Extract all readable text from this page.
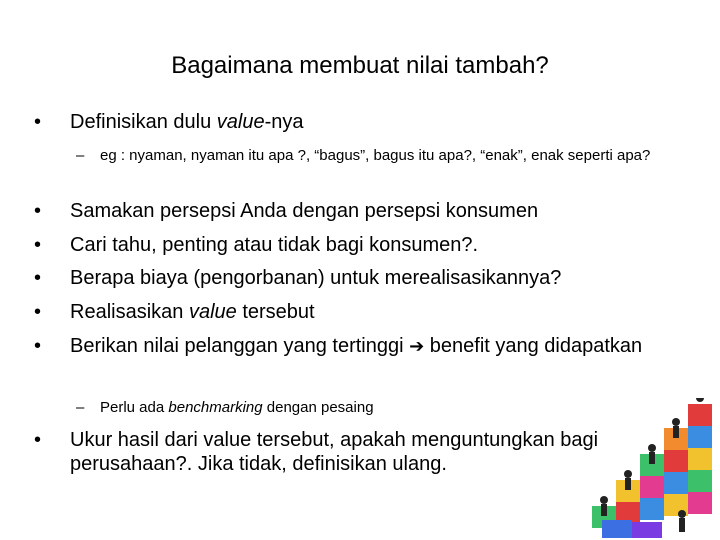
Bagaimana membuat nilai tambah?
•	Definisikan dulu value-nya
– eg : nyaman, nyaman itu apa ?, “bagus”, bagus itu apa?, “enak”, enak seperti apa?
•	Samakan persepsi Anda dengan persepsi konsumen
•	Cari tahu, penting atau tidak bagi konsumen?.
•	Berapa biaya (pengorbanan) untuk merealisasikannya?
•	Realisasikan value tersebut
•	Berikan nilai pelanggan yang tertinggi ➔ benefit yang didapatkan
– Perlu ada benchmarking dengan pesaing
•	Ukur hasil dari value tersebut, apakah menguntungkan bagi perusahaan?. Jika tidak, definisikan ulang.
